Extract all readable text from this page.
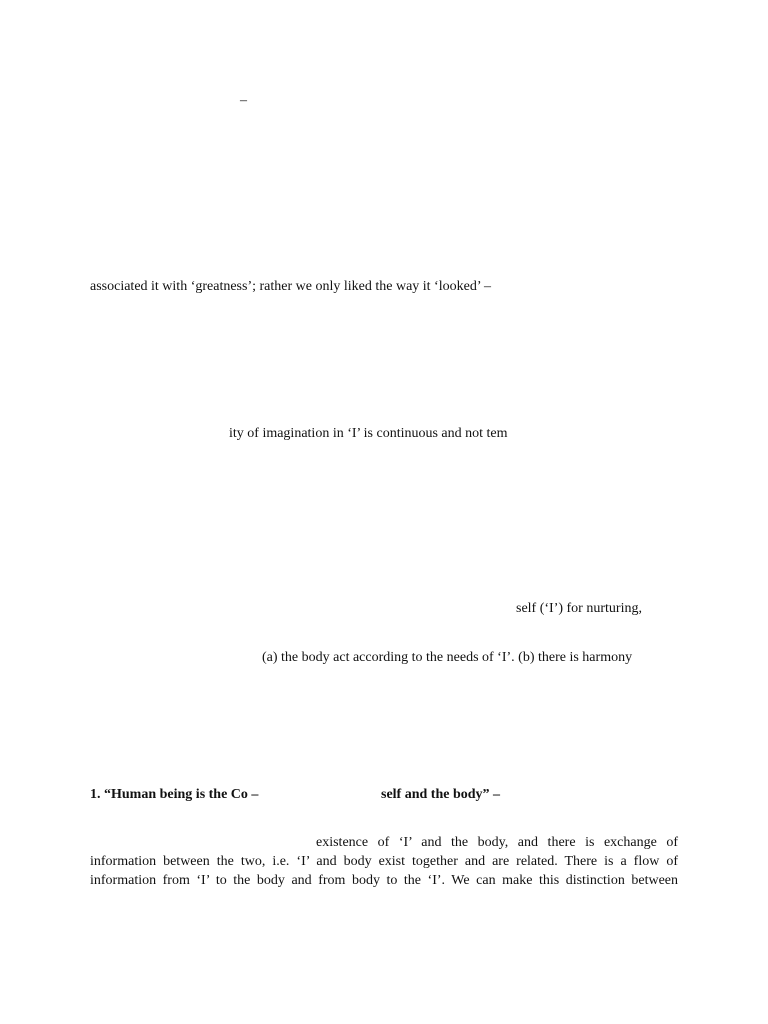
–
associated it with ‘greatness’; rather we only liked the way it ‘looked’ –
ity of imagination in ‘I’ is continuous and not tem
self (‘I’) for nurturing,
(a) the body act according to the needs of ‘I’. (b) there is harmony
1. “Human being is the Co –	self and the body” –
existence of ‘I’ and the body, and there is exchange of
information between the two, i.e. ‘I’ and body exist together and are related. There is a flow of
information from ‘I’ to the body and from body to the ‘I’. We can make this distinction between
